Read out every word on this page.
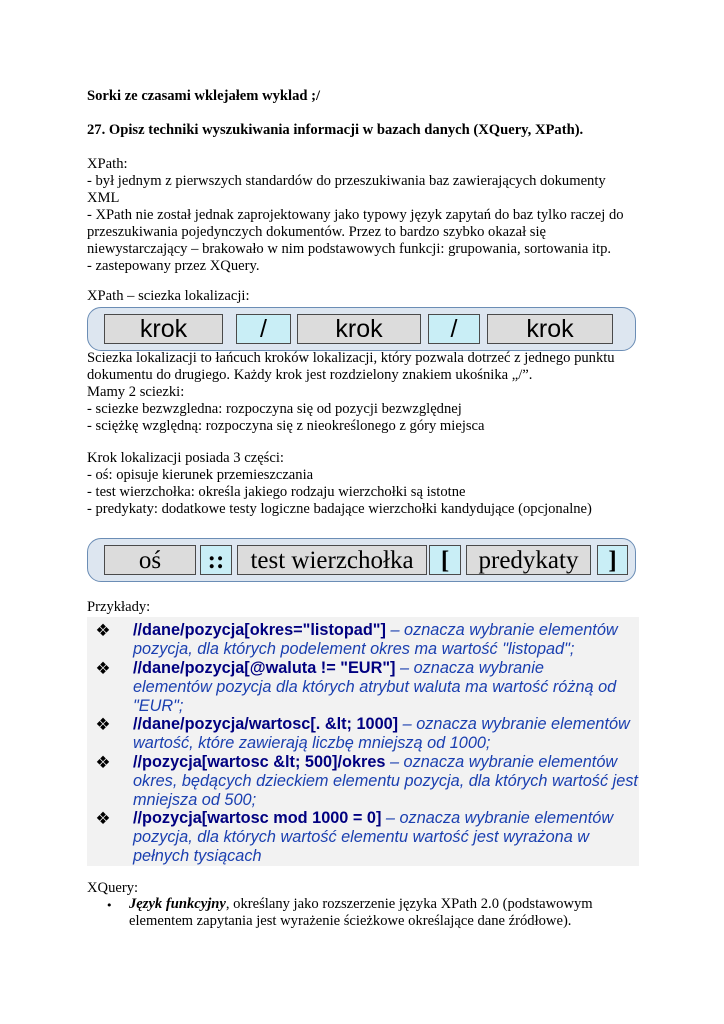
Sorki ze czasami wklejałem wyklad ;/
27. Opisz techniki wyszukiwania informacji w bazach danych (XQuery, XPath).
XPath:
- był jednym z pierwszych standardów do przeszukiwania baz zawierających dokumenty
XML
- XPath nie został jednak zaprojektowany jako typowy język zapytań do baz tylko raczej do
przeszukiwania pojedynczych dokumentów. Przez to bardzo szybko okazał się
niewystarczający – brakowało w nim podstawowych funkcji: grupowania, sortowania itp.
- zastepowany przez XQuery.
XPath – sciezka lokalizacji:
krok	/	krok	/	krok
Sciezka lokalizacji to łańcuch kroków lokalizacji, który pozwala dotrzeć z jednego punktu
dokumentu do drugiego. Każdy krok jest rozdzielony znakiem ukośnika „/”.
Mamy 2 sciezki:
- sciezke bezwzgledna: rozpoczyna się od pozycji bezwzględnej
- sciężkę względną: rozpoczyna się z nieokreślonego z góry miejsca
Krok lokalizacji posiada 3 części:
- oś: opisuje kierunek przemieszczania
- test wierzchołka: określa jakiego rodzaju wierzchołki są istotne
- predykaty: dodatkowe testy logiczne badające wierzchołki kandydujące (opcjonalne)
oś	::	test wierzchołka	[	predykaty	]
Przykłady:
❖ //dane/pozycja[okres="listopad"] – oznacza wybranie elementów
pozycja, dla których podelement okres ma wartość "listopad";
❖ //dane/pozycja[@waluta != "EUR"] – oznacza wybranie
elementów pozycja dla których atrybut waluta ma wartość różną od
"EUR";
❖ //dane/pozycja/wartosc[. &lt; 1000] – oznacza wybranie elementów
wartość, które zawierają liczbę mniejszą od 1000;
❖ //pozycja[wartosc &lt; 500]/okres – oznacza wybranie elementów
okres, będących dzieckiem elementu pozycja, dla których wartość jest
mniejsza od 500;
❖ //pozycja[wartosc mod 1000 = 0] – oznacza wybranie elementów
pozycja, dla których wartość elementu wartość jest wyrażona w
pełnych tysiącach
XQuery:
• Język funkcyjny, określany jako rozszerzenie języka XPath 2.0 (podstawowym
elementem zapytania jest wyrażenie ścieżkowe określające dane źródłowe).
